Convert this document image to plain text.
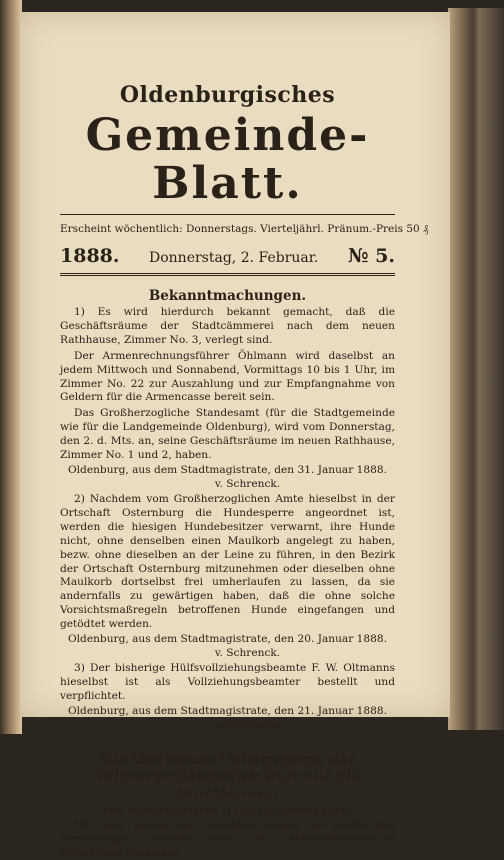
Oldenburgisches
Gemeinde-Blatt.
Erscheint wöchentlich: Donnerstags. Vierteljährl. Pränum.-Preis 50 ₰
1888. Donnerstag, 2. Februar. № 5.
Bekanntmachungen.
1) Es wird hierdurch bekannt gemacht, daß die Geschäftsräume der Stadtcämmerei nach dem neuen Rathhause, Zimmer No. 3, verlegt sind.
Der Armenrechnungsführer Öhlmann wird daselbst an jedem Mittwoch und Sonnabend, Vormittags 10 bis 1 Uhr, im Zimmer No. 22 zur Auszahlung und zur Empfangnahme von Geldern für die Armencasse bereit sein.
Das Großherzogliche Standesamt (für die Stadtgemeinde wie für die Landgemeinde Oldenburg), wird vom Donnerstag, den 2. d. Mts. an, seine Geschäftsräume im neuen Rathhause, Zimmer No. 1 und 2, haben.
Oldenburg, aus dem Stadtmagistrate, den 31. Januar 1888.
v. Schrenck.
2) Nachdem vom Großherzoglichen Amte hieselbst in der Ortschaft Osternburg die Hundesperre angeordnet ist, werden die hiesigen Hundebesitzer verwarnt, ihre Hunde nicht, ohne denselben einen Maulkorb angelegt zu haben, bezw. ohne dieselben an der Leine zu führen, in den Bezirk der Ortschaft Osternburg mitzunehmen oder dieselben ohne Maulkorb dortselbst frei umherlaufen zu lassen, da sie andernfalls zu gewärtigen haben, daß die ohne solche Vorsichtsmaßregeln betroffenen Hunde eingefangen und getödtet werden.
Oldenburg, aus dem Stadtmagistrate, den 20. Januar 1888.
v. Schrenck.
3) Der bisherige Hülfsvollziehungsbeamte F. W. Oltmanns hieselbst ist als Vollziehungsbeamter bestellt und verpflichtet.
Oldenburg, aus dem Stadtmagistrate, den 21. Januar 1888.
v. Schrenck.
Die theilweise Uebernahme der
Volksschullehrergehälter auf die Staatskasse,
von Bürgermeister Hahn in Nordhausen.
Mit sehr gemischten Gefühlen stehen die städtischen Verwaltungen diesem eben im Abgeordnetenhause berathenen Gesetzent-
